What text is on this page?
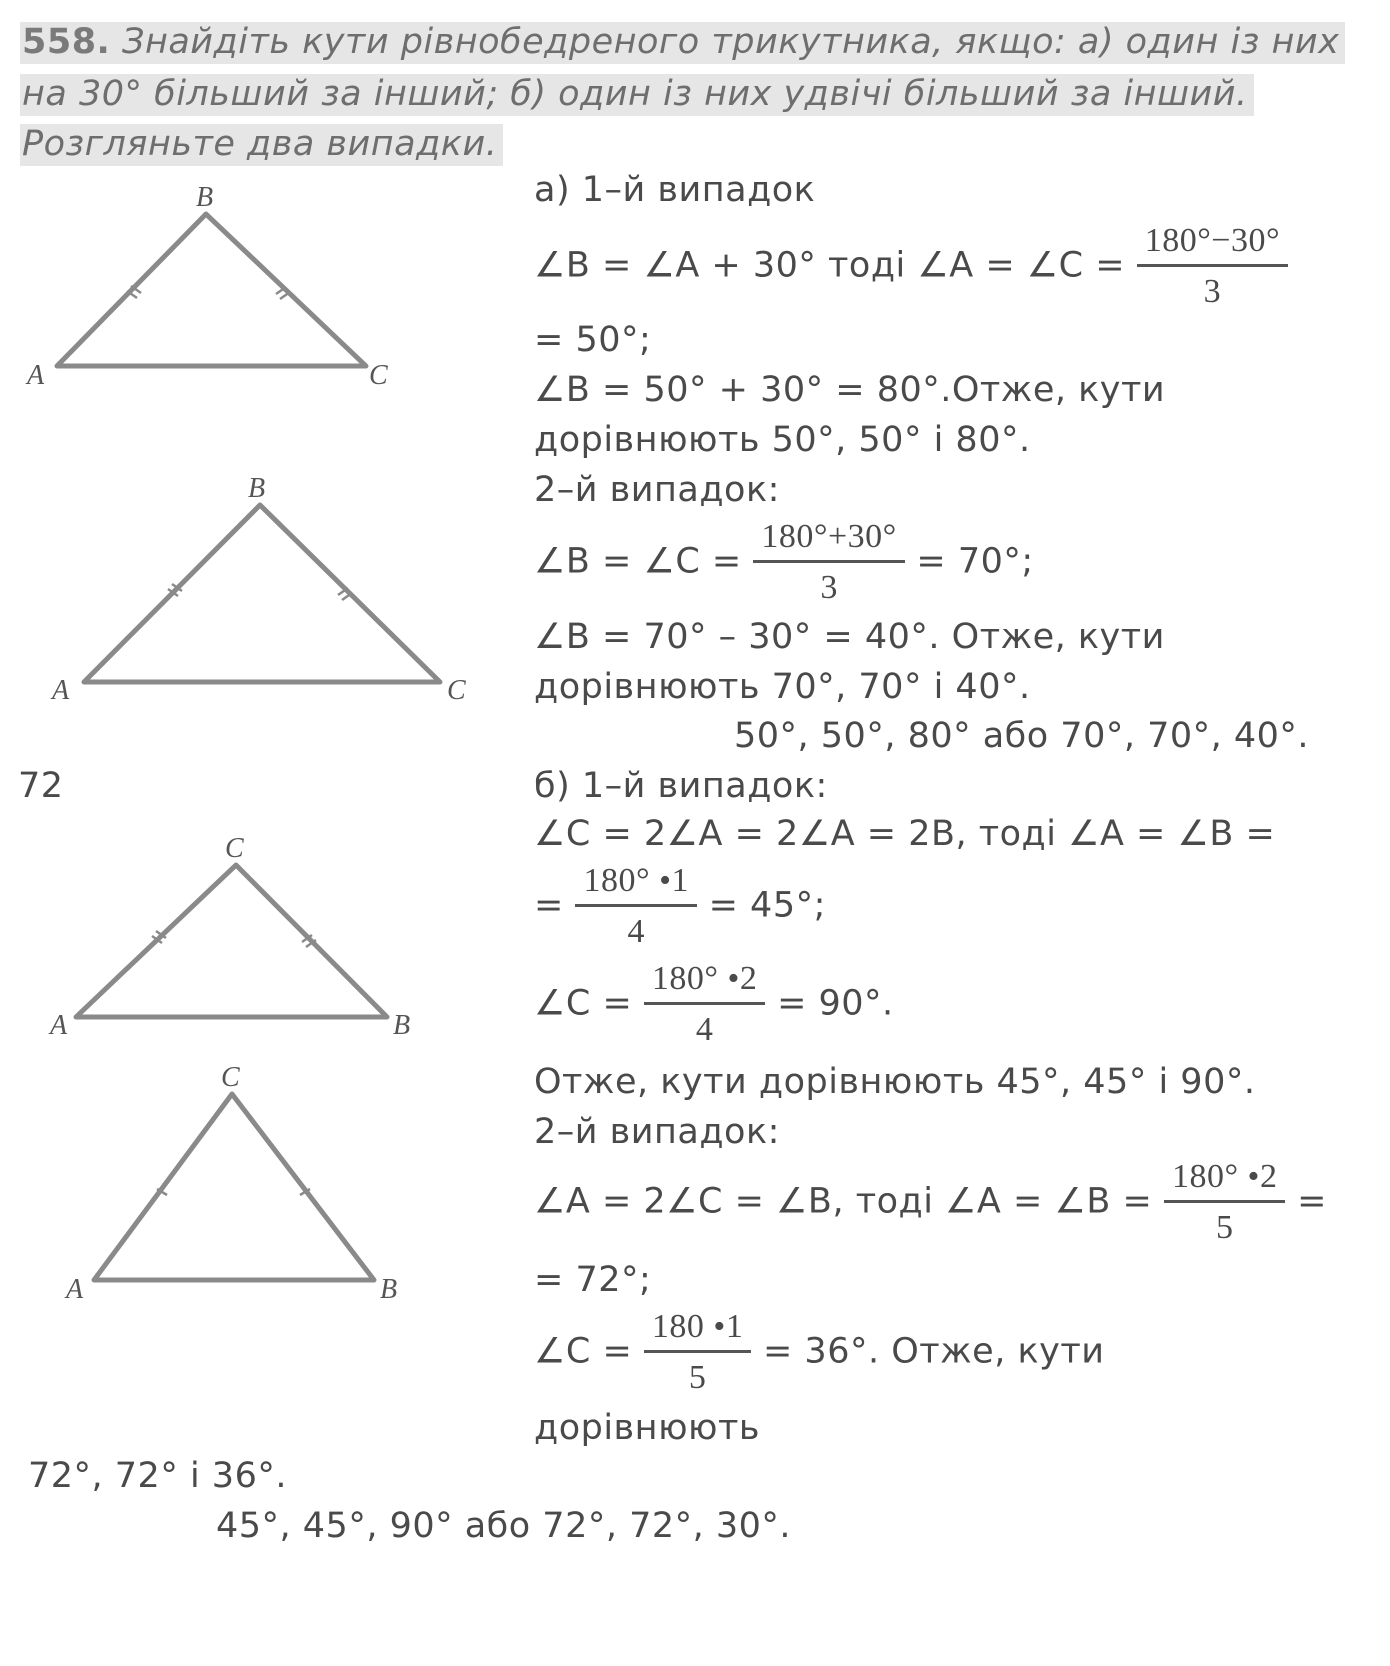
558. Знайдіть кути рівнобедреного трикутника, якщо: а) один із них
на 30° більший за інший; б) один із них удвічі більший за інший.
Розгляньте два випадки.
B
A	C
B
A	C
72
C
A	B
C
A	B
а) 1–й випадок
∠B = ∠A + 30° тоді ∠A = ∠C = $\frac{180^\circ-30^\circ}{3}$
= 50°;
∠B = 50° + 30° = 80°.Отже, кути
дорівнюють 50°, 50° і 80°.
2–й випадок:
∠B = ∠C = $\frac{180^\circ+30^\circ}{3} = 70^\circ$;
∠B = 70° – 30° = 40°. Отже, кути
дорівнюють 70°, 70° і 40°.
50°, 50°, 80° або 70°, 70°, 40°.
б) 1–й випадок:
∠C = 2∠A = 2∠A = 2B, тоді ∠A = ∠B =
= $\frac{180^\circ •1}{4} = 45^\circ$;
∠C = $\frac{180^\circ •2}{4} = 90^\circ$.
Отже, кути дорівнюють 45°, 45° і 90°.
2–й випадок:
∠A = 2∠C = ∠B, тоді ∠A = ∠B = $\frac{180^\circ •2}{5}$ =
= 72°;
∠C = $\frac{180 •1}{5} = 36^\circ$. Отже, кути
дорівнюють
72°, 72° і 36°.
45°, 45°, 90° або 72°, 72°, 30°.
